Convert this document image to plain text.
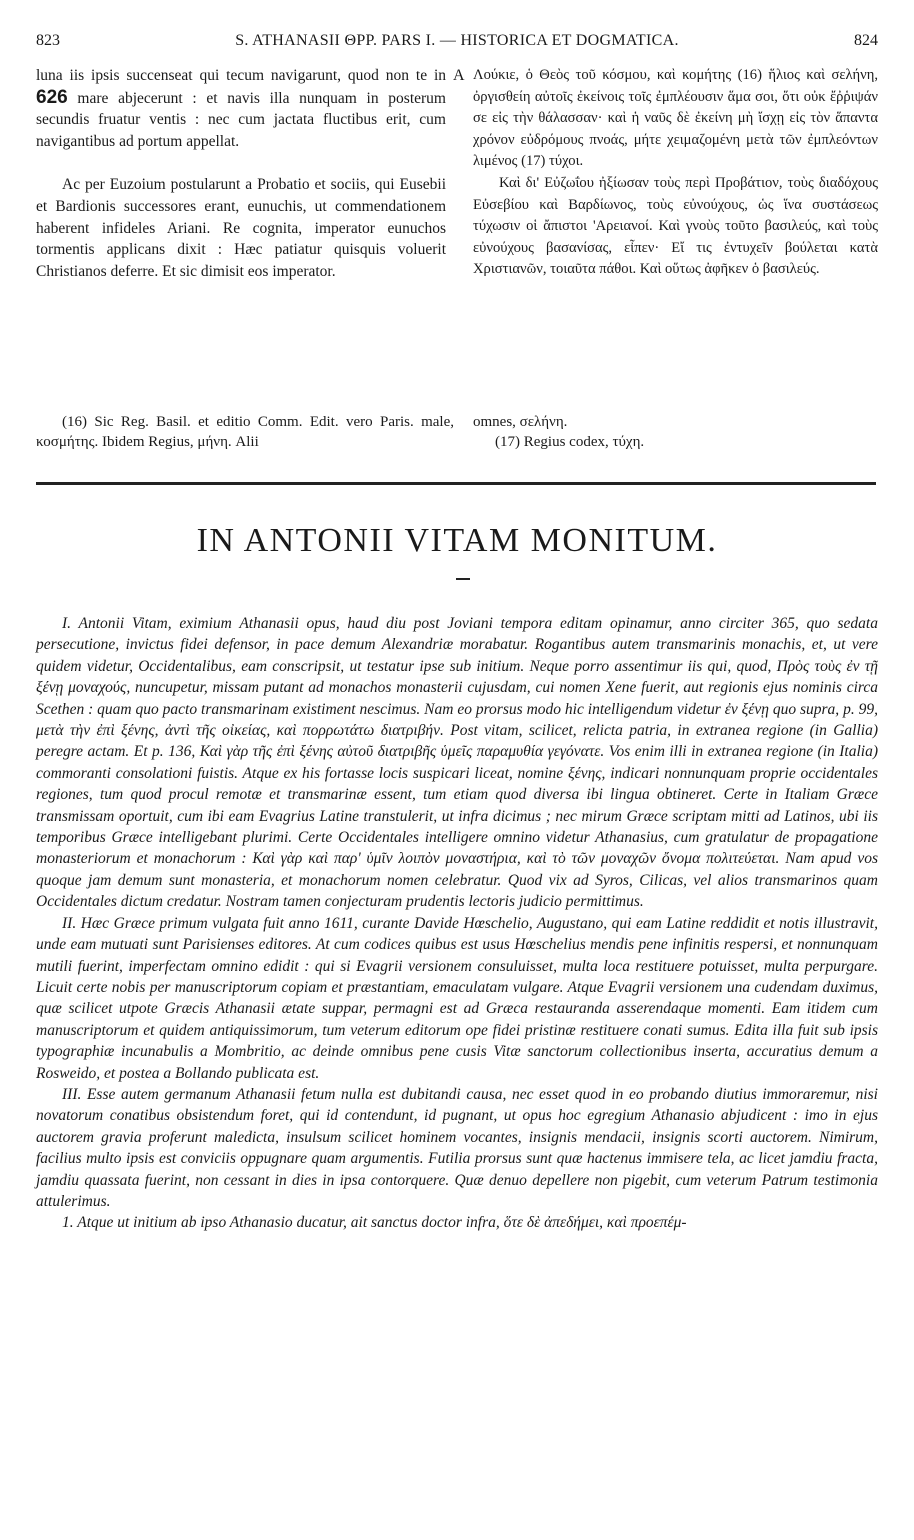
823	S. ATHANASII ΘPP. PARS I. — HISTORICA ET DOGMATICA.	824

luna iis ipsis succenseat qui tecum navigarunt, quod non te in 626 mare abjecerunt : et navis illa nunquam in posterum secundis fruatur ventis : nec cum jactata fluctibus erit, cum navigantibus ad portum appellat.

Ac per Euzoium postularunt a Probatio et sociis, qui Eusebii et Bardionis successores erant, eunuchis, ut commendationem haberent infideles Ariani. Re cognita, imperator eunuchos tormentis applicans dixit : Hæc patiatur quisquis voluerit Christianos deferre. Et sic dimisit eos imperator.

A Λούκιε, ὁ Θεὸς τοῦ κόσμου, καὶ κομήτης (16) ἥλιος καὶ σελήνη, ὀργισθείη αὐτοῖς ἐκείνοις τοῖς ἐμπλέουσιν ἅμα σοι, ὅτι οὐκ ἔῤῥιψάν σε εἰς τὴν θάλασσαν· καὶ ἡ ναῦς δὲ ἐκείνη μὴ ἴσχῃ εἰς τὸν ἅπαντα χρόνον εὐδρόμους πνοάς, μήτε χειμαζομένη μετὰ τῶν ἐμπλεόντων λιμένος (17) τύχοι.

Καὶ δι' Εὐζωΐου ἠξίωσαν τοὺς περὶ Προβάτιον, τοὺς διαδόχους Εὐσεβίου καὶ Βαρδίωνος, τοὺς εὐνούχους, ὡς ἵνα συστάσεως τύχωσιν οἱ ἄπιστοι 'Αρειανοί. Καὶ γνοὺς τοῦτο βασιλεύς, καὶ τοὺς εὐνούχους βασανίσας, εἶπεν· Εἴ τις ἐντυχεῖν βούλεται κατὰ Χριστιανῶν, τοιαῦτα πάθοι. Καὶ οὕτως ἀφῆκεν ὁ βασιλεύς.

(16) Sic Reg. Basil. et editio Comm. Edit. vero Paris. male, κοσμήτης. Ibidem Regius, μήνη. Alii
omnes, σελήνη.
(17) Regius codex, τύχη.
IN ANTONII VITAM MONITUM.

I. Antonii Vitam, eximium Athanasii opus, haud diu post Joviani tempora editam opinamur, anno circiter 365, quo sedata persecutione, invictus fidei defensor, in pace demum Alexandriæ morabatur. Rogantibus autem transmarinis monachis, et, ut vere quidem videtur, Occidentalibus, eam conscripsit, ut testatur ipse sub initium. Neque porro assentimur iis qui, quod, Πρὸς τοὺς ἐν τῇ ξένῃ μοναχούς, nuncupetur, missam putant ad monachos monasterii cujusdam, cui nomen Xene fuerit, aut regionis ejus nominis circa Scethen : quam quo pacto transmarinam existiment nescimus. Nam eo prorsus modo hic intelligendum videtur ἐν ξένῃ quo supra, p. 99, μετὰ τὴν ἐπὶ ξένης, ἀντὶ τῆς οἰκείας, καὶ πορρωτάτω διατριβήν. Post vitam, scilicet, relicta patria, in extranea regione (in Gallia) peregre actam. Et p. 136, Καὶ γὰρ τῆς ἐπὶ ξένης αὐτοῦ διατριβῆς ὑμεῖς παραμυθία γεγόνατε. Vos enim illi in extranea regione (in Italia) commoranti consolationi fuistis. Atque ex his fortasse locis suspicari liceat, nomine ξένης, indicari nonnunquam proprie occidentales regiones, tum quod procul remotæ et transmarinæ essent, tum etiam quod diversa ibi lingua obtineret. Certe in Italiam Græce transmissam oportuit, cum ibi eam Evagrius Latine transtulerit, ut infra dicimus ; nec mirum Græce scriptam mitti ad Latinos, ubi iis temporibus Græce intelligebant plurimi. Certe Occidentales intelligere omnino videtur Athanasius, cum gratulatur de propagatione monasteriorum et monachorum : Καὶ γὰρ καὶ παρ' ὑμῖν λοιπὸν μοναστήρια, καὶ τὸ τῶν μοναχῶν ὄνομα πολιτεύεται. Nam apud vos quoque jam demum sunt monasteria, et monachorum nomen celebratur. Quod vix ad Syros, Cilicas, vel alios transmarinos quam Occidentales dictum credatur. Nostram tamen conjecturam prudentis lectoris judicio permittimus.

II. Hæc Græce primum vulgata fuit anno 1611, curante Davide Hœschelio, Augustano, qui eam Latine reddidit et notis illustravit, unde eam mutuati sunt Parisienses editores. At cum codices quibus est usus Hœschelius mendis pene infinitis respersi, et nonnunquam mutili fuerint, imperfectam omnino edidit : qui si Evagrii versionem consuluisset, multa loca restituere potuisset, multa perpurgare. Licuit certe nobis per manuscriptorum copiam et præstantiam, emaculatam vulgare. Atque Evagrii versionem una cudendam duximus, quæ scilicet utpote Græcis Athanasii ætate suppar, permagni est ad Græca restauranda asserendaque momenti. Eam itidem cum manuscriptorum et quidem antiquissimorum, tum veterum editorum ope fidei pristinæ restituere conati sumus. Edita illa fuit sub ipsis typographiæ incunabulis a Mombritio, ac deinde omnibus pene cusis Vitæ sanctorum collectionibus inserta, accuratius demum a Rosweido, et postea a Bollando publicata est.

III. Esse autem germanum Athanasii fetum nulla est dubitandi causa, nec esset quod in eo probando diutius immoraremur, nisi novatorum conatibus obsistendum foret, qui id contendunt, id pugnant, ut opus hoc egregium Athanasio abjudicent : imo in ejus auctorem gravia proferunt maledicta, insulsum scilicet hominem vocantes, insignis mendacii, insignis scorti auctorem. Nimirum, facilius multo ipsis est conviciis oppugnare quam argumentis. Futilia prorsus sunt quæ hactenus immisere tela, ac licet jamdiu fracta, jamdiu quassata fuerint, non cessant in dies in ipsa contorquere. Quæ denuo depellere non pigebit, cum veterum Patrum testimonia attulerimus.

1. Atque ut initium ab ipso Athanasio ducatur, ait sanctus doctor infra, ὅτε δὲ ἀπεδήμει, καὶ προεπέμ-
